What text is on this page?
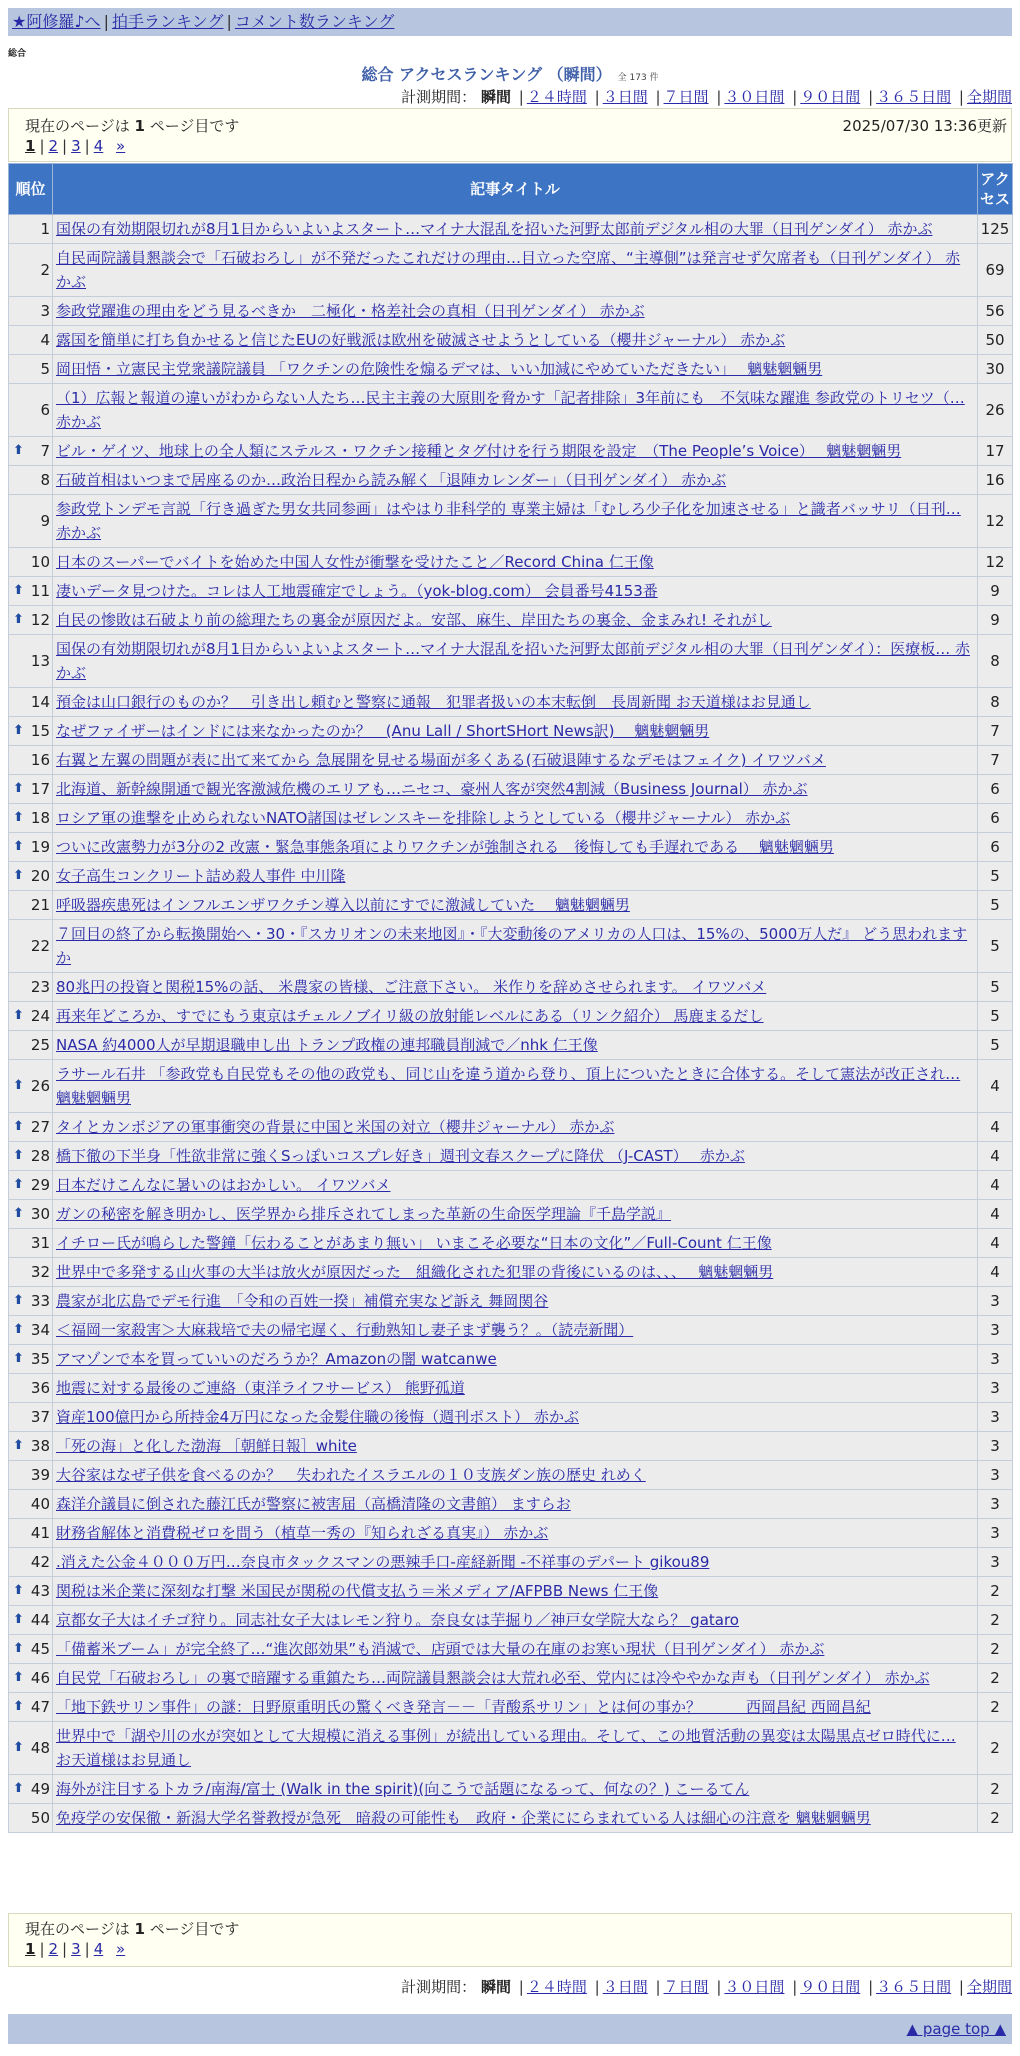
★阿修羅♪へ | 拍手ランキング | コメント数ランキング
総合
総合 アクセスランキング （瞬間） 全 173 件
計測期間： 瞬間 | ２４時間 | ３日間 | ７日間 | ３０日間 | ９０日間 | ３６５日間 | 全期間
現在のページは 1 ページ目です	2025/07/30 13:36更新
1 | 2 | 3 | 4 »
順位	記事タイトル	アクセス
1	国保の有効期限切れが8月1日からいよいよスタート…マイナ大混乱を招いた河野太郎前デジタル相の大罪（日刊ゲンダイ） 赤かぶ	125
2	自民両院議員懇談会で「石破おろし」が不発だったこれだけの理由…目立った空席、“主導側”は発言せず欠席者も（日刊ゲンダイ） 赤かぶ	69
3	参政党躍進の理由をどう見るべきか　二極化・格差社会の真相（日刊ゲンダイ） 赤かぶ	56
4	露国を簡単に打ち負かせると信じたEUの好戦派は欧州を破滅させようとしている（櫻井ジャーナル） 赤かぶ	50
5	岡田悟・立憲民主党衆議院議員 「ワクチンの危険性を煽るデマは、いい加減にやめていただきたい」　 魑魅魍魎男	30
6	（1）広報と報道の違いがわからない人たち…民主主義の大原則を脅かす「記者排除」3年前にも　不気味な躍進 参政党のトリセツ（… 赤かぶ	26

⬆ 7	ビル・ゲイツ、地球上の全人類にステルス・ワクチン接種とタグ付けを行う期限を設定　（The People’s Voice）　 魑魅魍魎男	17
8	石破首相はいつまで居座るのか…政治日程から読み解く「退陣カレンダー」（日刊ゲンダイ） 赤かぶ	16
9	参政党トンデモ言説「行き過ぎた男女共同参画」はやはり非科学的 専業主婦は「むしろ少子化を加速させる」と識者バッサリ（日刊… 赤かぶ	12
10	日本のスーパーでバイトを始めた中国人女性が衝撃を受けたこと／Record China 仁王像	12

⬆ 11	凄いデータ見つけた。コレは人工地震確定でしょう。（yok-blog.com） 会員番号4153番	9

⬆ 12	自民の惨敗は石破より前の総理たちの裏金が原因だよ。安部、麻生、岸田たちの裏金、金まみれ! それがし	9
13	国保の有効期限切れが8月1日からいよいよスタート…マイナ大混乱を招いた河野太郎前デジタル相の大罪（日刊ゲンダイ）：医療板… 赤かぶ	8
14	預金は山口銀行のものか？　引き出し頼むと警察に通報　犯罪者扱いの本末転倒　長周新聞 お天道様はお見通し	8

⬆ 15	なぜファイザーはインドには来なかったのか？　(Anu Lall / ShortSHort News訳)　 魑魅魍魎男	7
16	右翼と左翼の問題が表に出て来てから 急展開を見せる場面が多くある(石破退陣するなデモはフェイク) イワツバメ	7

⬆ 17	北海道、新幹線開通で観光客激減危機のエリアも…ニセコ、豪州人客が突然4割減（Business Journal） 赤かぶ	6

⬆ 18	ロシア軍の進撃を止められないNATO諸国はゼレンスキーを排除しようとしている（櫻井ジャーナル） 赤かぶ	6

⬆ 19	ついに改憲勢力が3分の2 改憲・緊急事態条項によりワクチンが強制される　後悔しても手遅れである　 魑魅魍魎男	6

⬆ 20	女子高生コンクリート詰め殺人事件 中川隆	5
21	呼吸器疾患死はインフルエンザワクチン導入以前にすでに激減していた　 魑魅魍魎男	5
22	７回目の終了から転換開始へ・30・『スカリオンの未来地図』・『大変動後のアメリカの人口は、15%の、5000万人だ』 どう思われますか	5
23	80兆円の投資と関税15%の話、 米農家の皆様、ご注意下さい。 米作りを辞めさせられます。 イワツバメ	5

⬆ 24	再来年どころか、すでにもう東京はチェルノブイリ級の放射能レベルにある（リンク紹介） 馬鹿まるだし	5
25	NASA 約4000人が早期退職申し出 トランプ政権の連邦職員削減で／nhk 仁王像	5

⬆ 26	ラサール石井 「参政党も自民党もその他の政党も、同じ山を違う道から登り、頂上についたときに合体する。そして憲法が改正され… 魑魅魍魎男	4

⬆ 27	タイとカンボジアの軍事衝突の背景に中国と米国の対立（櫻井ジャーナル） 赤かぶ	4

⬆ 28	橋下徹の下半身「性欲非常に強くSっぽいコスプレ好き」週刊文春スクープに降伏 （J-CAST）　 赤かぶ	4

⬆ 29	日本だけこんなに暑いのはおかしい。 イワツバメ	4

⬆ 30	ガンの秘密を解き明かし、医学界から排斥されてしまった革新の生命医学理論『千島学説』	4
31	イチロー氏が鳴らした警鐘「伝わることがあまり無い」 いまこそ必要な“日本の文化”／Full-Count 仁王像	4
32	世界中で多発する山火事の大半は放火が原因だった　組織化された犯罪の背後にいるのは、、、　 魑魅魍魎男	4

⬆ 33	農家が北広島でデモ行進　「令和の百姓一揆」補償充実など訴え 舞岡関谷	3

⬆ 34	＜福岡一家殺害＞大麻栽培で夫の帰宅遅く、行動熟知し妻子まず襲う？。（読売新聞）	3

⬆ 35	アマゾンで本を買っていいのだろうか？Amazonの闇 watcanwe	3
36	地震に対する最後のご連絡（東洋ライフサービス） 熊野孤道	3
37	資産100億円から所持金4万円になった金髪住職の後悔（週刊ポスト） 赤かぶ	3

⬆ 38	「死の海」と化した渤海 ［朝鮮日報］white	3
39	大谷家はなぜ子供を食べるのか？　失われたイスラエルの１０支族ダン族の歴史 れめく	3
40	森洋介議員に倒された藤江氏が警察に被害届（高橋清隆の文書館） ますらお	3
41	財務省解体と消費税ゼロを問う（植草一秀の『知られざる真実』） 赤かぶ	3
42	.消えた公金４０００万円…奈良市タックスマンの悪辣手口-産経新聞 -不祥事のデパート gikou89	3

⬆ 43	関税は米企業に深刻な打撃 米国民が関税の代償支払う＝米メディア/AFPBB News 仁王像	2

⬆ 44	京都女子大はイチゴ狩り。同志社女子大はレモン狩り。奈良女は芋掘り／神戸女学院大なら？ gataro	2

⬆ 45	「備蓄米ブーム」が完全終了…“進次郎効果”も消滅で、店頭では大量の在庫のお寒い現状（日刊ゲンダイ） 赤かぶ	2

⬆ 46	自民党「石破おろし」の裏で暗躍する重鎮たち…両院議員懇談会は大荒れ必至、党内には冷ややかな声も（日刊ゲンダイ） 赤かぶ	2

⬆ 47	「地下鉄サリン事件」の謎：日野原重明氏の驚くべき発言－－「青酸系サリン」とは何の事か？　　　西岡昌紀 西岡昌紀	2

⬆ 48	世界中で「湖や川の水が突如として大規模に消える事例」が続出している理由。そして、この地質活動の異変は太陽黒点ゼロ時代に… お天道様はお見通し	2

⬆ 49	海外が注目するトカラ/南海/富士 (Walk in the spirit)(向こうで話題になるって、何なの？) こーるてん	2
50	免疫学の安保徹・新潟大学名誉教授が急死　暗殺の可能性も　政府・企業ににらまれている人は細心の注意を 魑魅魍魎男	2
現在のページは 1 ページ目です
1 | 2 | 3 | 4 »
計測期間： 瞬間 | ２４時間 | ３日間 | ７日間 | ３０日間 | ９０日間 | ３６５日間 | 全期間
▲ page top ▲
